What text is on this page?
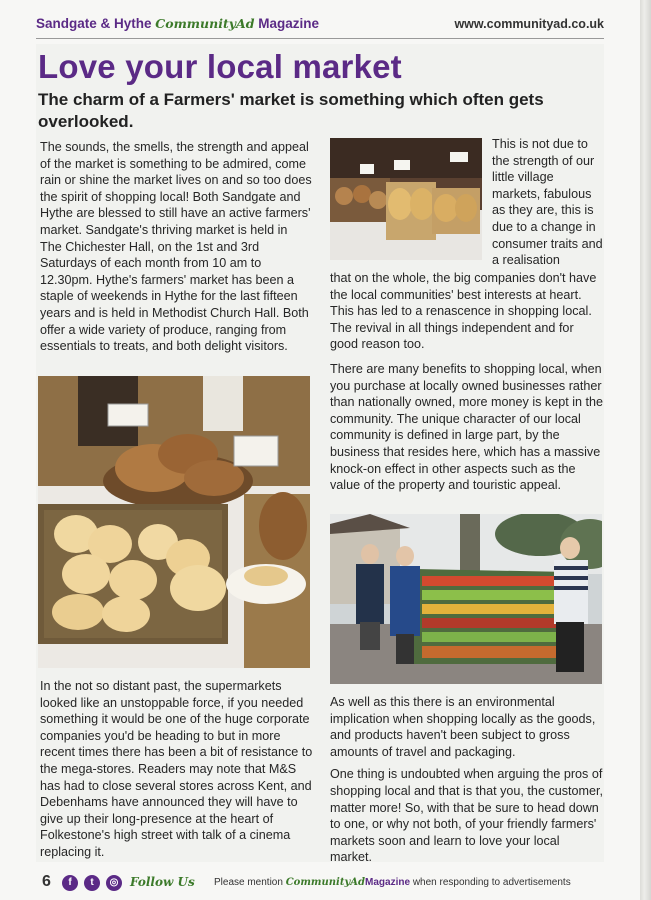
Sandgate & Hythe CommunityAd Magazine	www.communityad.co.uk
Love your local market
The charm of a Farmers' market is something which often gets overlooked.

The sounds, the smells, the strength and appeal of the market is something to be admired, come rain or shine the market lives on and so too does the spirit of shopping local! Both Sandgate and Hythe are blessed to still have an active farmers' market. Sandgate's thriving market is held in The Chichester Hall, on the 1st and 3rd Saturdays of each month from 10 am to 12.30pm. Hythe's farmers' market has been a staple of weekends in Hythe for the last fifteen years and is held in Methodist Church Hall. Both offer a wide variety of produce, ranging from essentials to treats, and both delight visitors.

In the not so distant past, the supermarkets looked like an unstoppable force, if you needed something it would be one of the huge corporate companies you'd be heading to but in more recent times there has been a bit of resistance to the mega-stores. Readers may note that M&S has had to close several stores across Kent, and Debenhams have announced they will have to give up their long-presence at the heart of Folkestone's high street with talk of a cinema replacing it.

This is not due to the strength of our little village markets, fabulous as they are, this is due to a change in consumer traits and a realisation

that on the whole, the big companies don't have the local communities' best interests at heart. This has led to a renascence in shopping local. The revival in all things independent and for good reason too.

There are many benefits to shopping local, when you purchase at locally owned businesses rather than nationally owned, more money is kept in the community. The unique character of our local community is defined in large part, by the business that resides here, which has a massive knock-on effect in other aspects such as the value of the property and touristic appeal.

As well as this there is an environmental implication when shopping locally as the goods, and products haven't been subject to gross amounts of travel and packaging.

One thing is undoubted when arguing the pros of shopping local and that is that you, the customer, matter more! So, with that be sure to head down to one, or why not both, of your friendly farmers' markets soon and learn to love your local market.

6	f	t	◎ Follow Us Please mention CommunityAdMagazine when responding to advertisements
